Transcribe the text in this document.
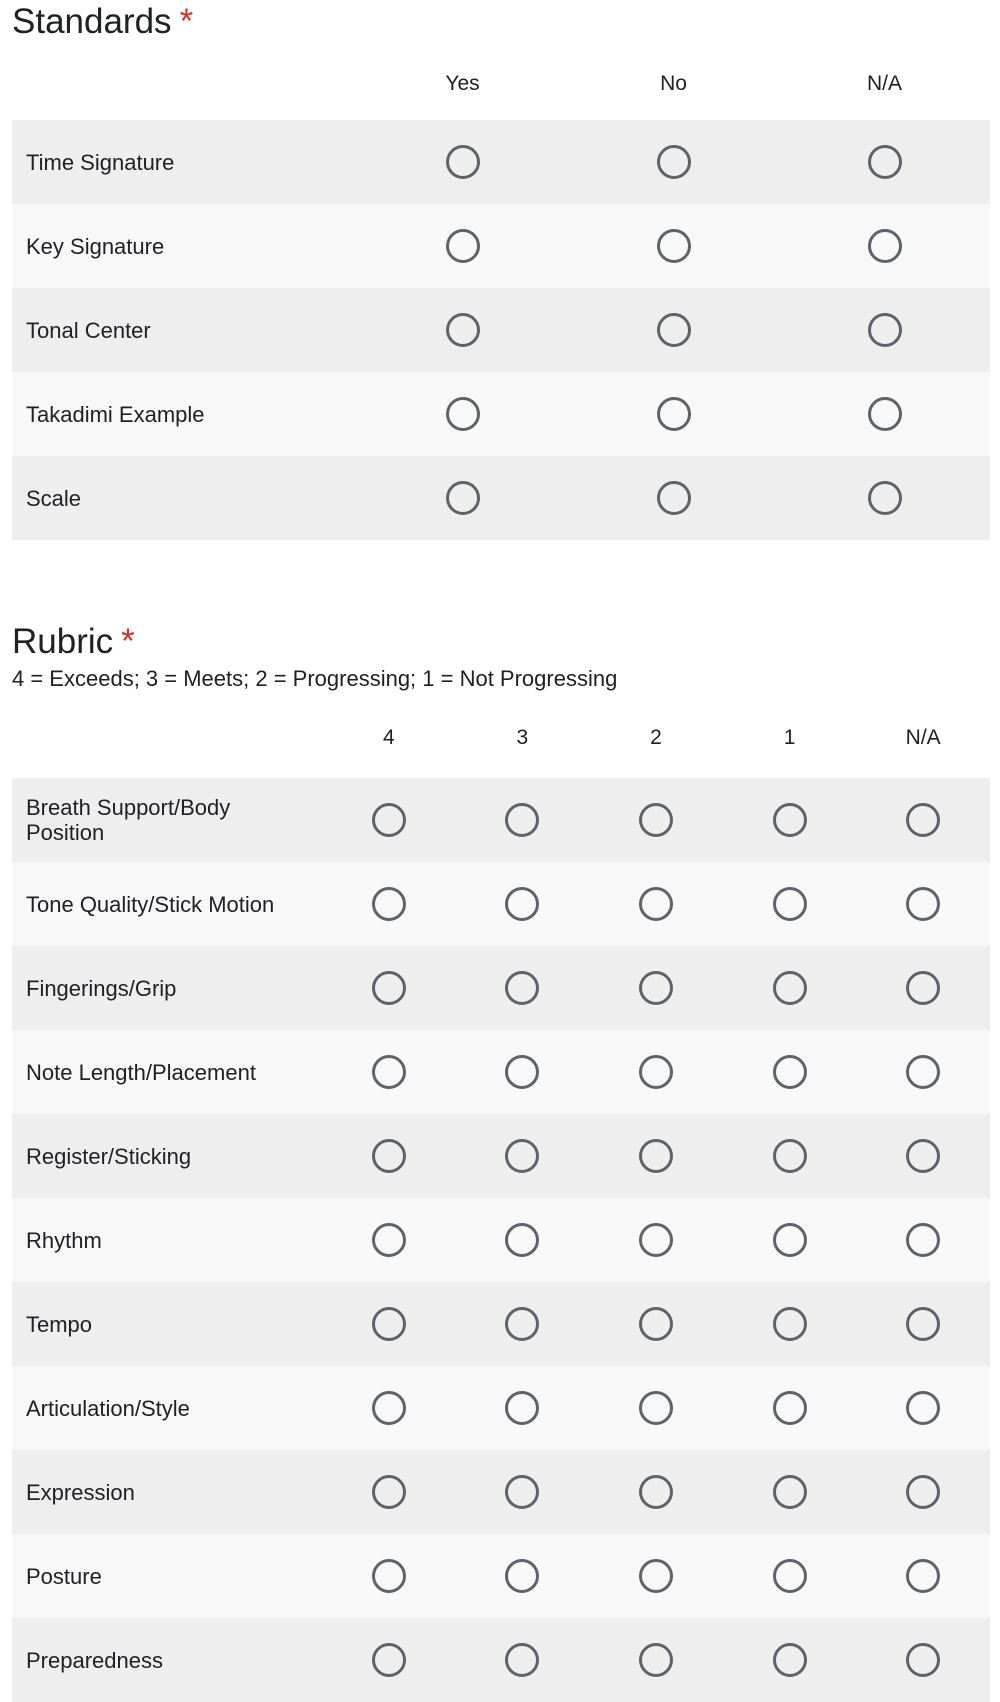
Standards *
Yes	No	N/A
Time Signature
Key Signature
Tonal Center
Takadimi Example
Scale
Rubric *
4 = Exceeds; 3 = Meets; 2 = Progressing; 1 = Not Progressing
4	3	2	1	N/A
Breath Support/Body Position
Tone Quality/Stick Motion
Fingerings/Grip
Note Length/Placement
Register/Sticking
Rhythm
Tempo
Articulation/Style
Expression
Posture
Preparedness
